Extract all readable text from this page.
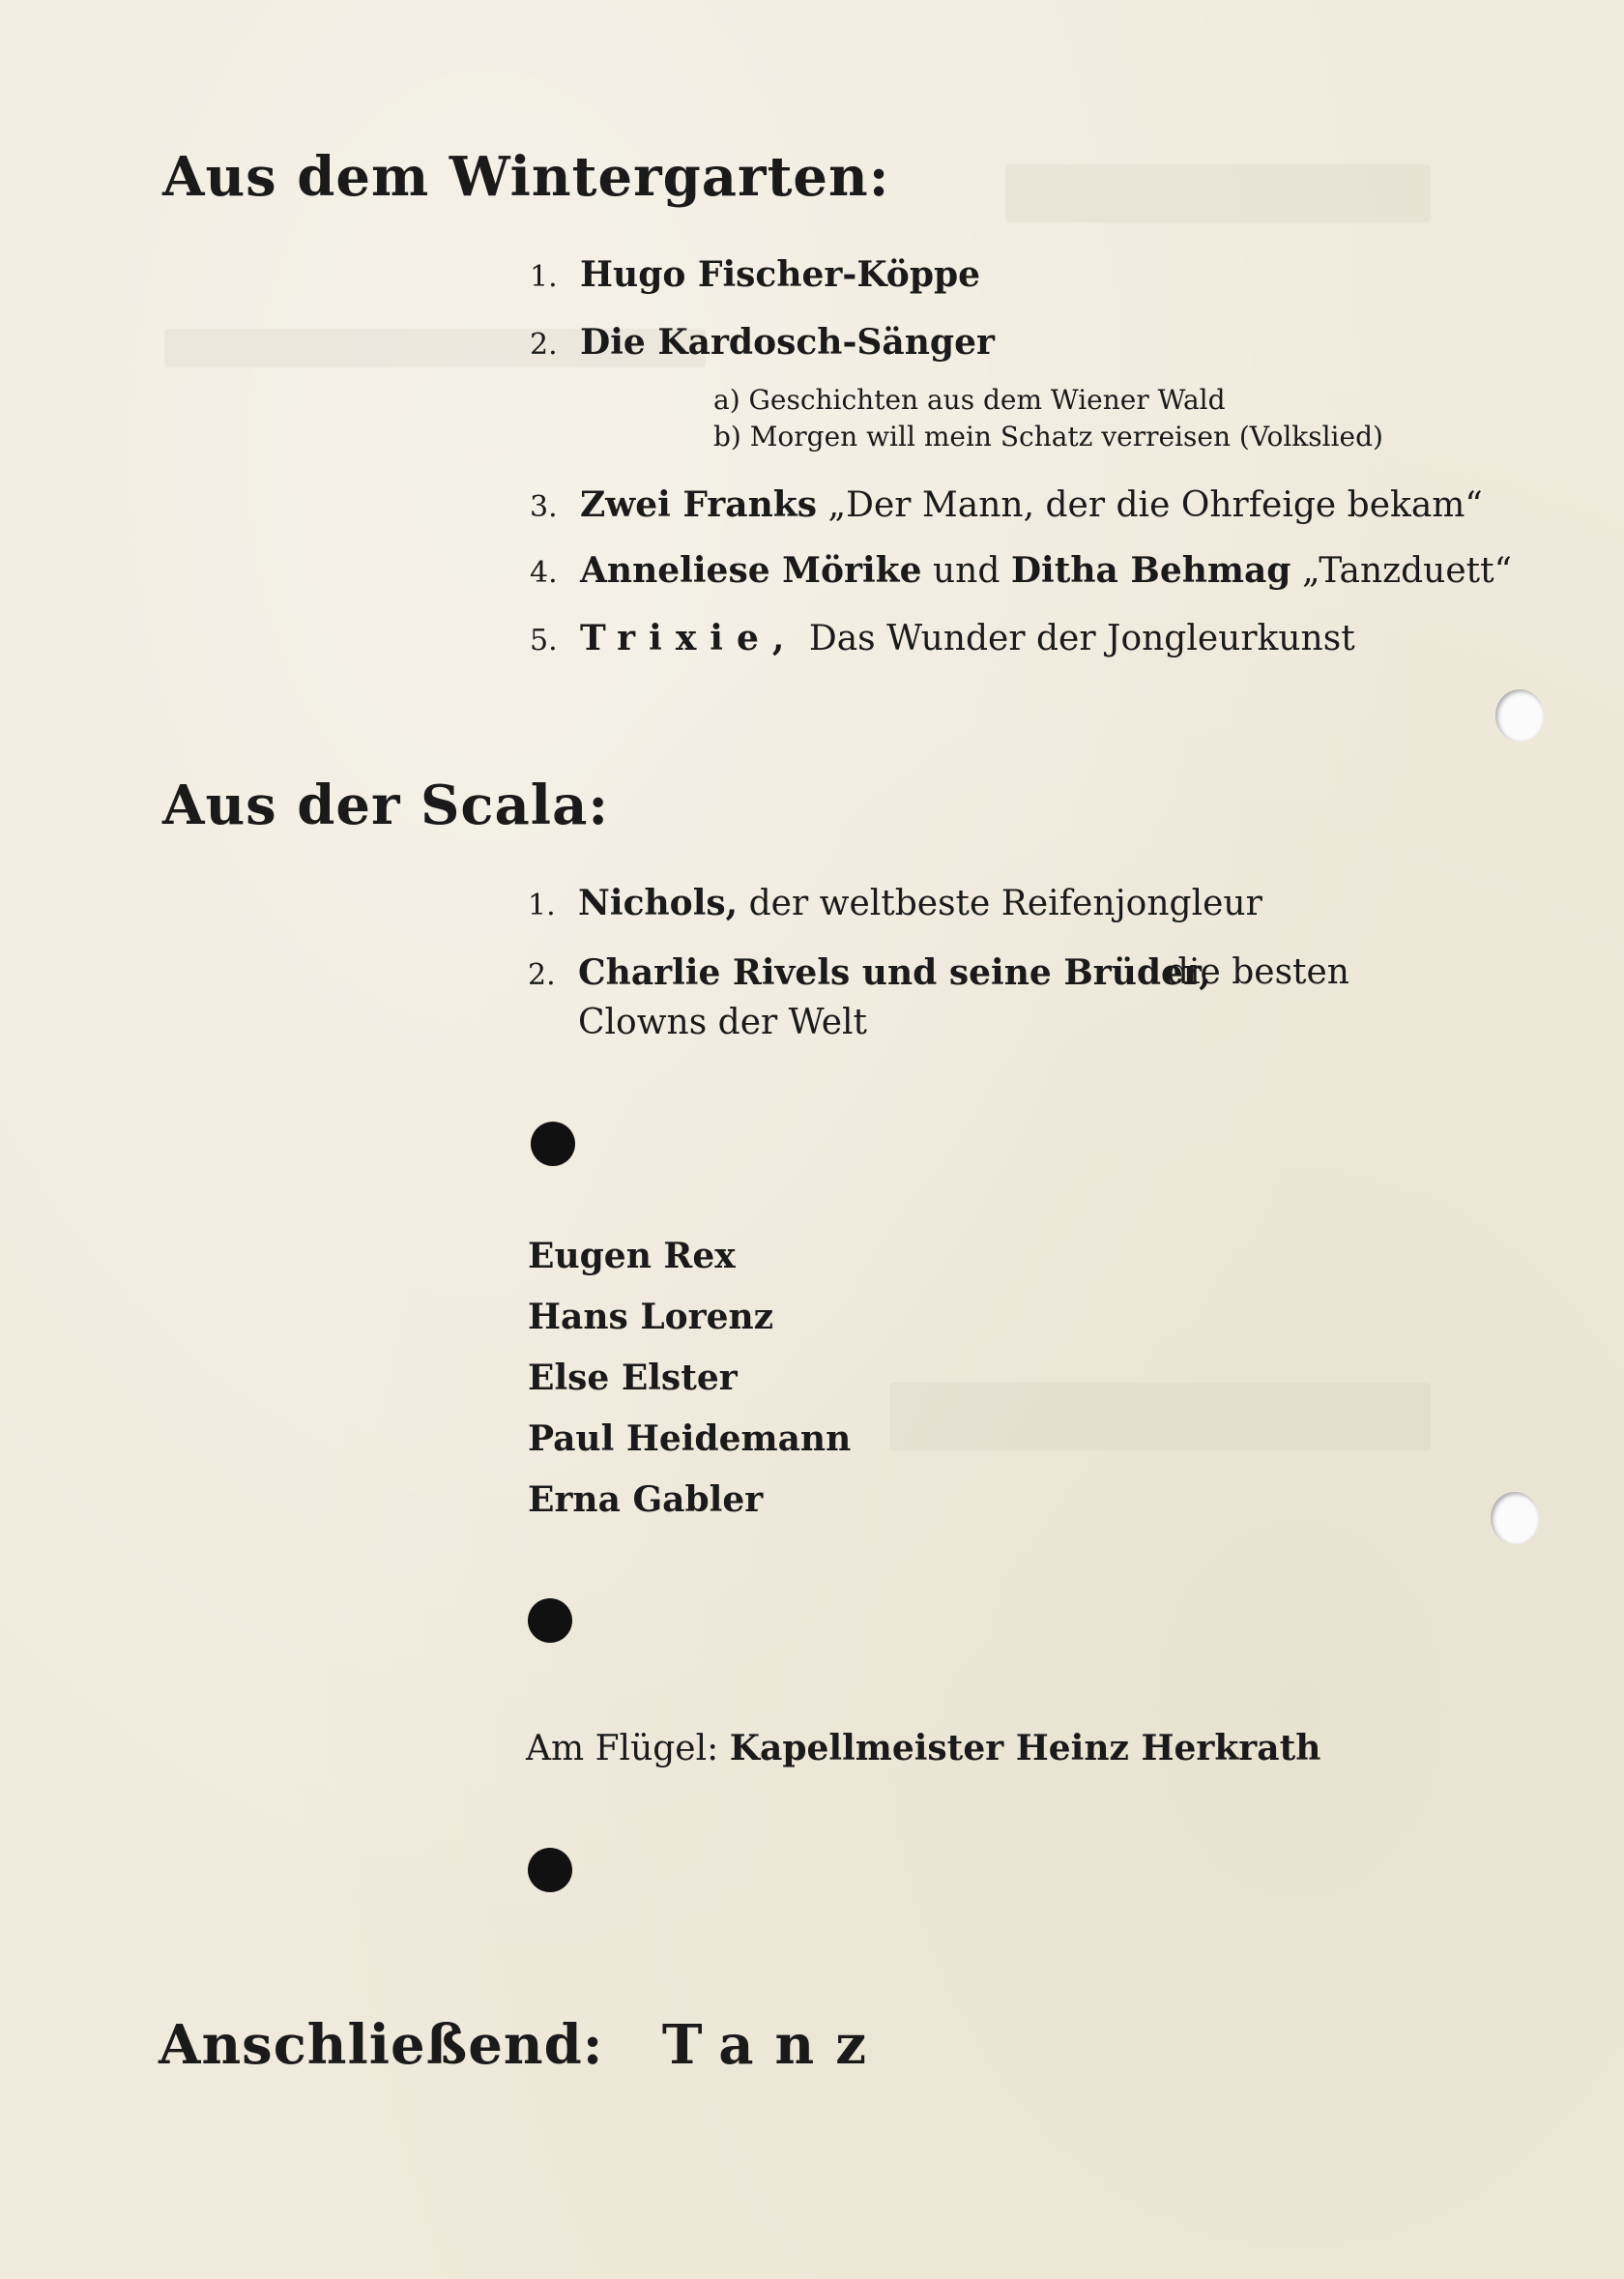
Aus dem Wintergarten:
1. Hugo Fischer-Köppe
2. Die Kardosch-Sänger
a) Geschichten aus dem Wiener Wald
b) Morgen will mein Schatz verreisen (Volkslied)
3. Zwei Franks „Der Mann, der die Ohrfeige bekam“
4. Anneliese Mörike und Ditha Behmag „Tanzduett“
5. Trixie, Das Wunder der Jongleurkunst
Aus der Scala:
1. Nichols, der weltbeste Reifenjongleur
2. Charlie Rivels und seine Brüder,
die besten
Clowns der Welt
Eugen Rex
Hans Lorenz
Else Elster
Paul Heidemann
Erna Gabler
Am Flügel: Kapellmeister Heinz Herkrath
Anschließend: Tanz
